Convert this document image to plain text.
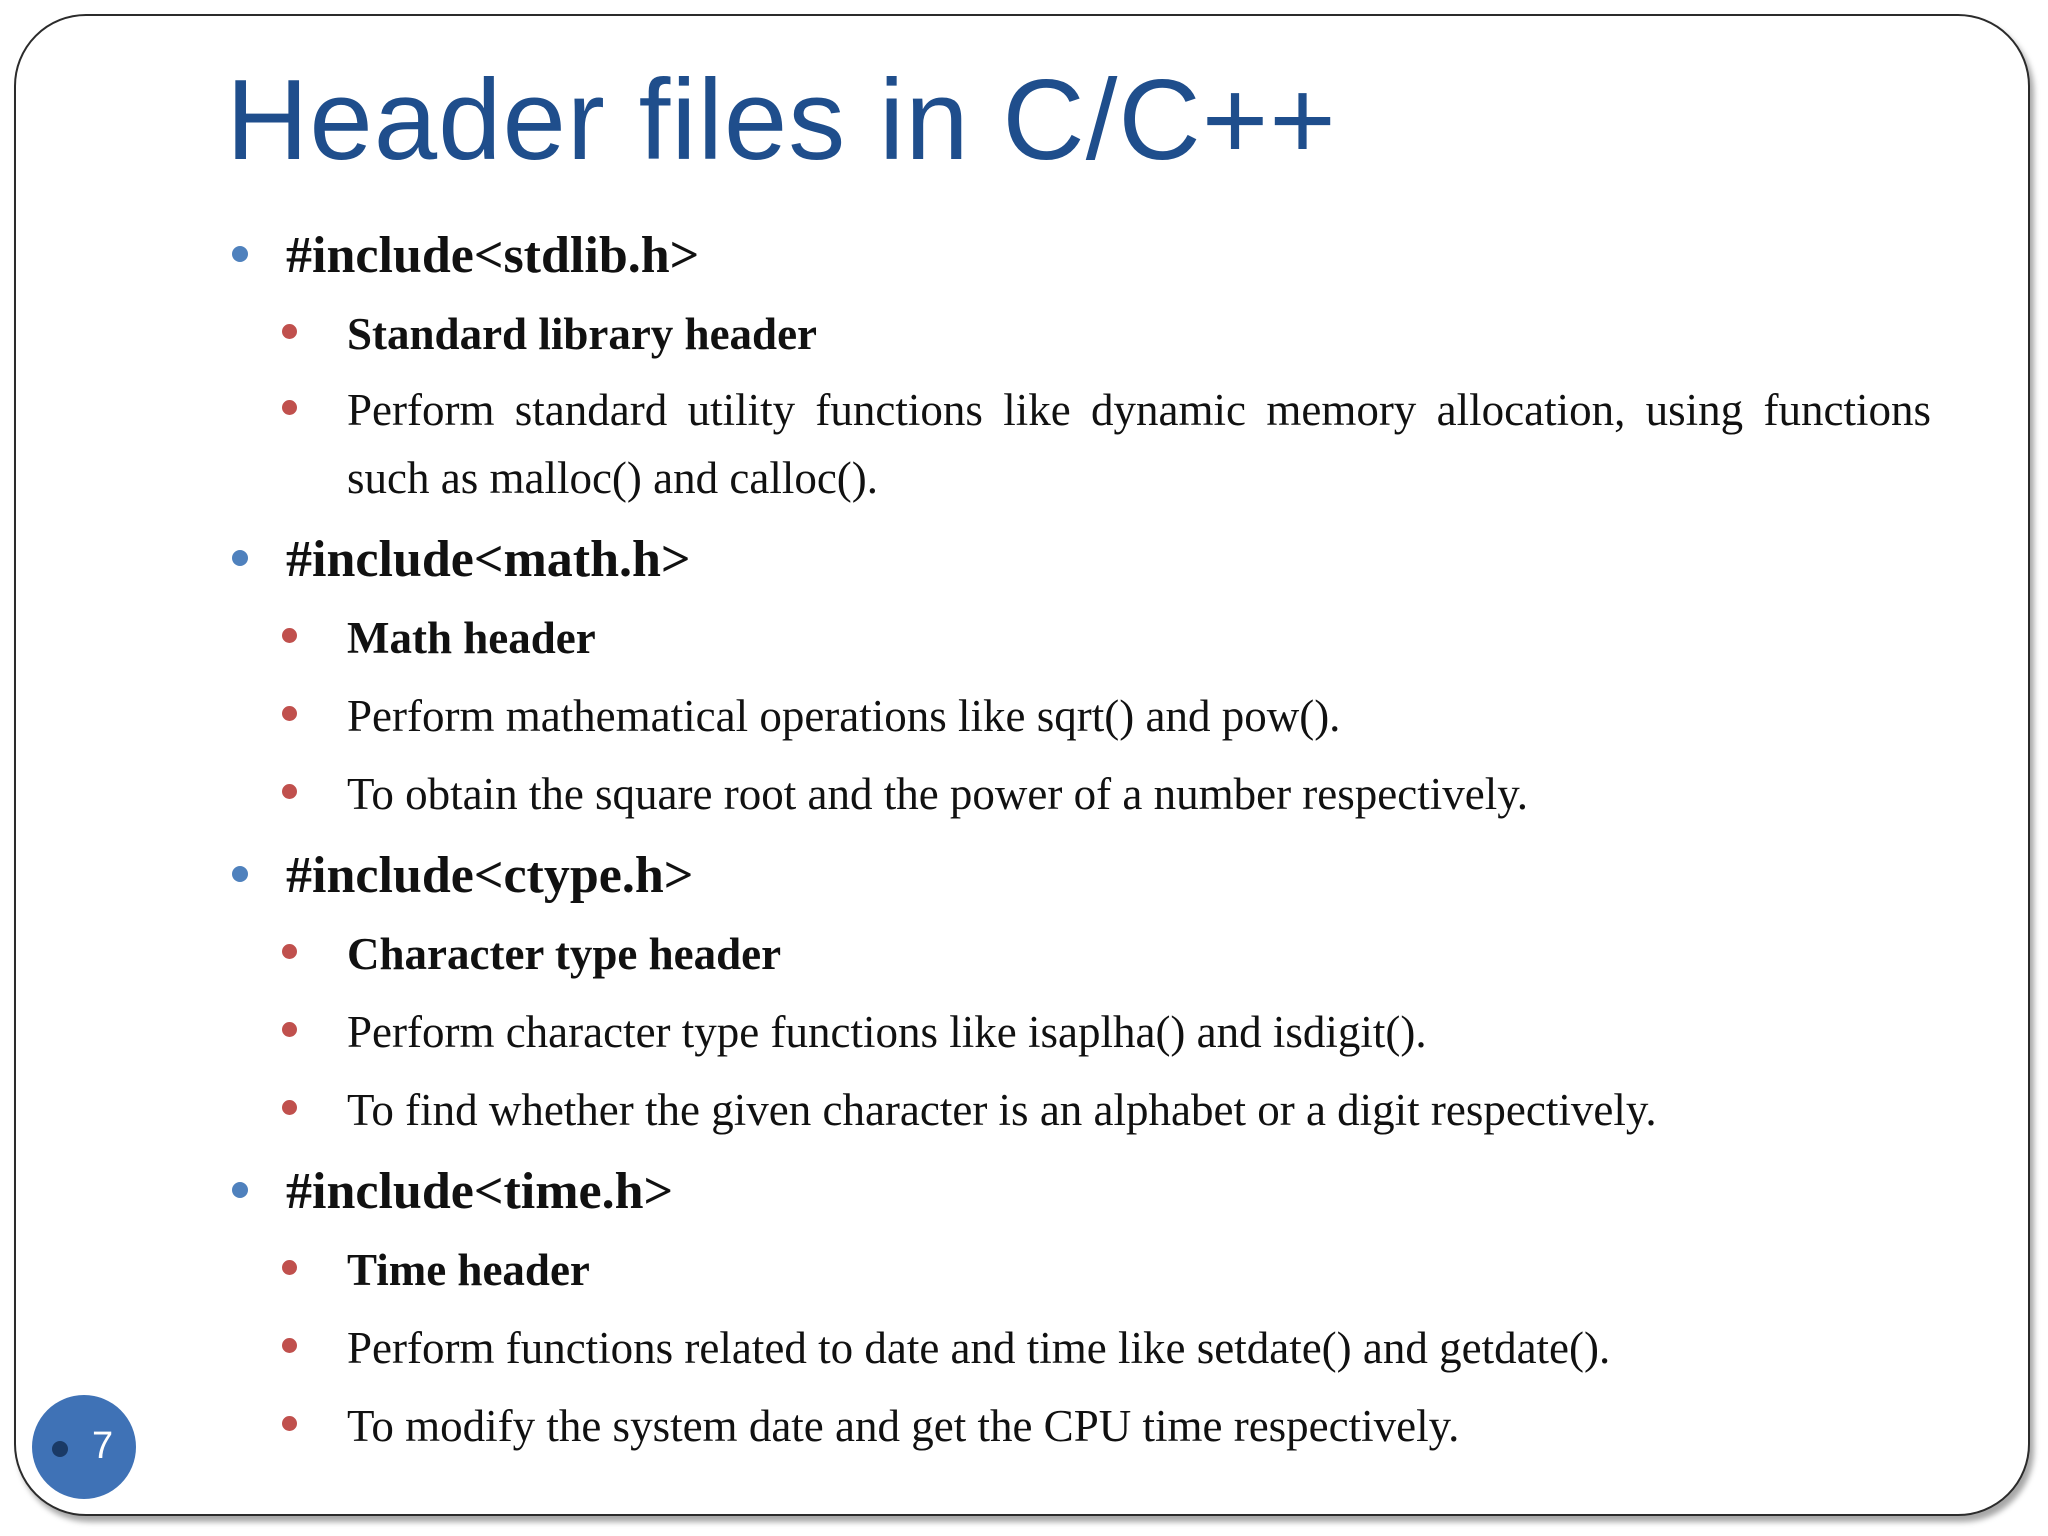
Header files in C/C++
#include<stdlib.h>
Standard library header
Perform standard utility functions like dynamic memory allocation, using functions such as malloc() and calloc().
#include<math.h>
Math header
Perform mathematical operations like sqrt() and pow().
To obtain the square root and the power of a number respectively.
#include<ctype.h>
Character type header
Perform character type functions like isaplha() and isdigit().
To find whether the given character is an alphabet or a digit respectively.
#include<time.h>
Time header
Perform functions related to date and time like setdate() and getdate().
To modify the system date and get the CPU time respectively.
7
